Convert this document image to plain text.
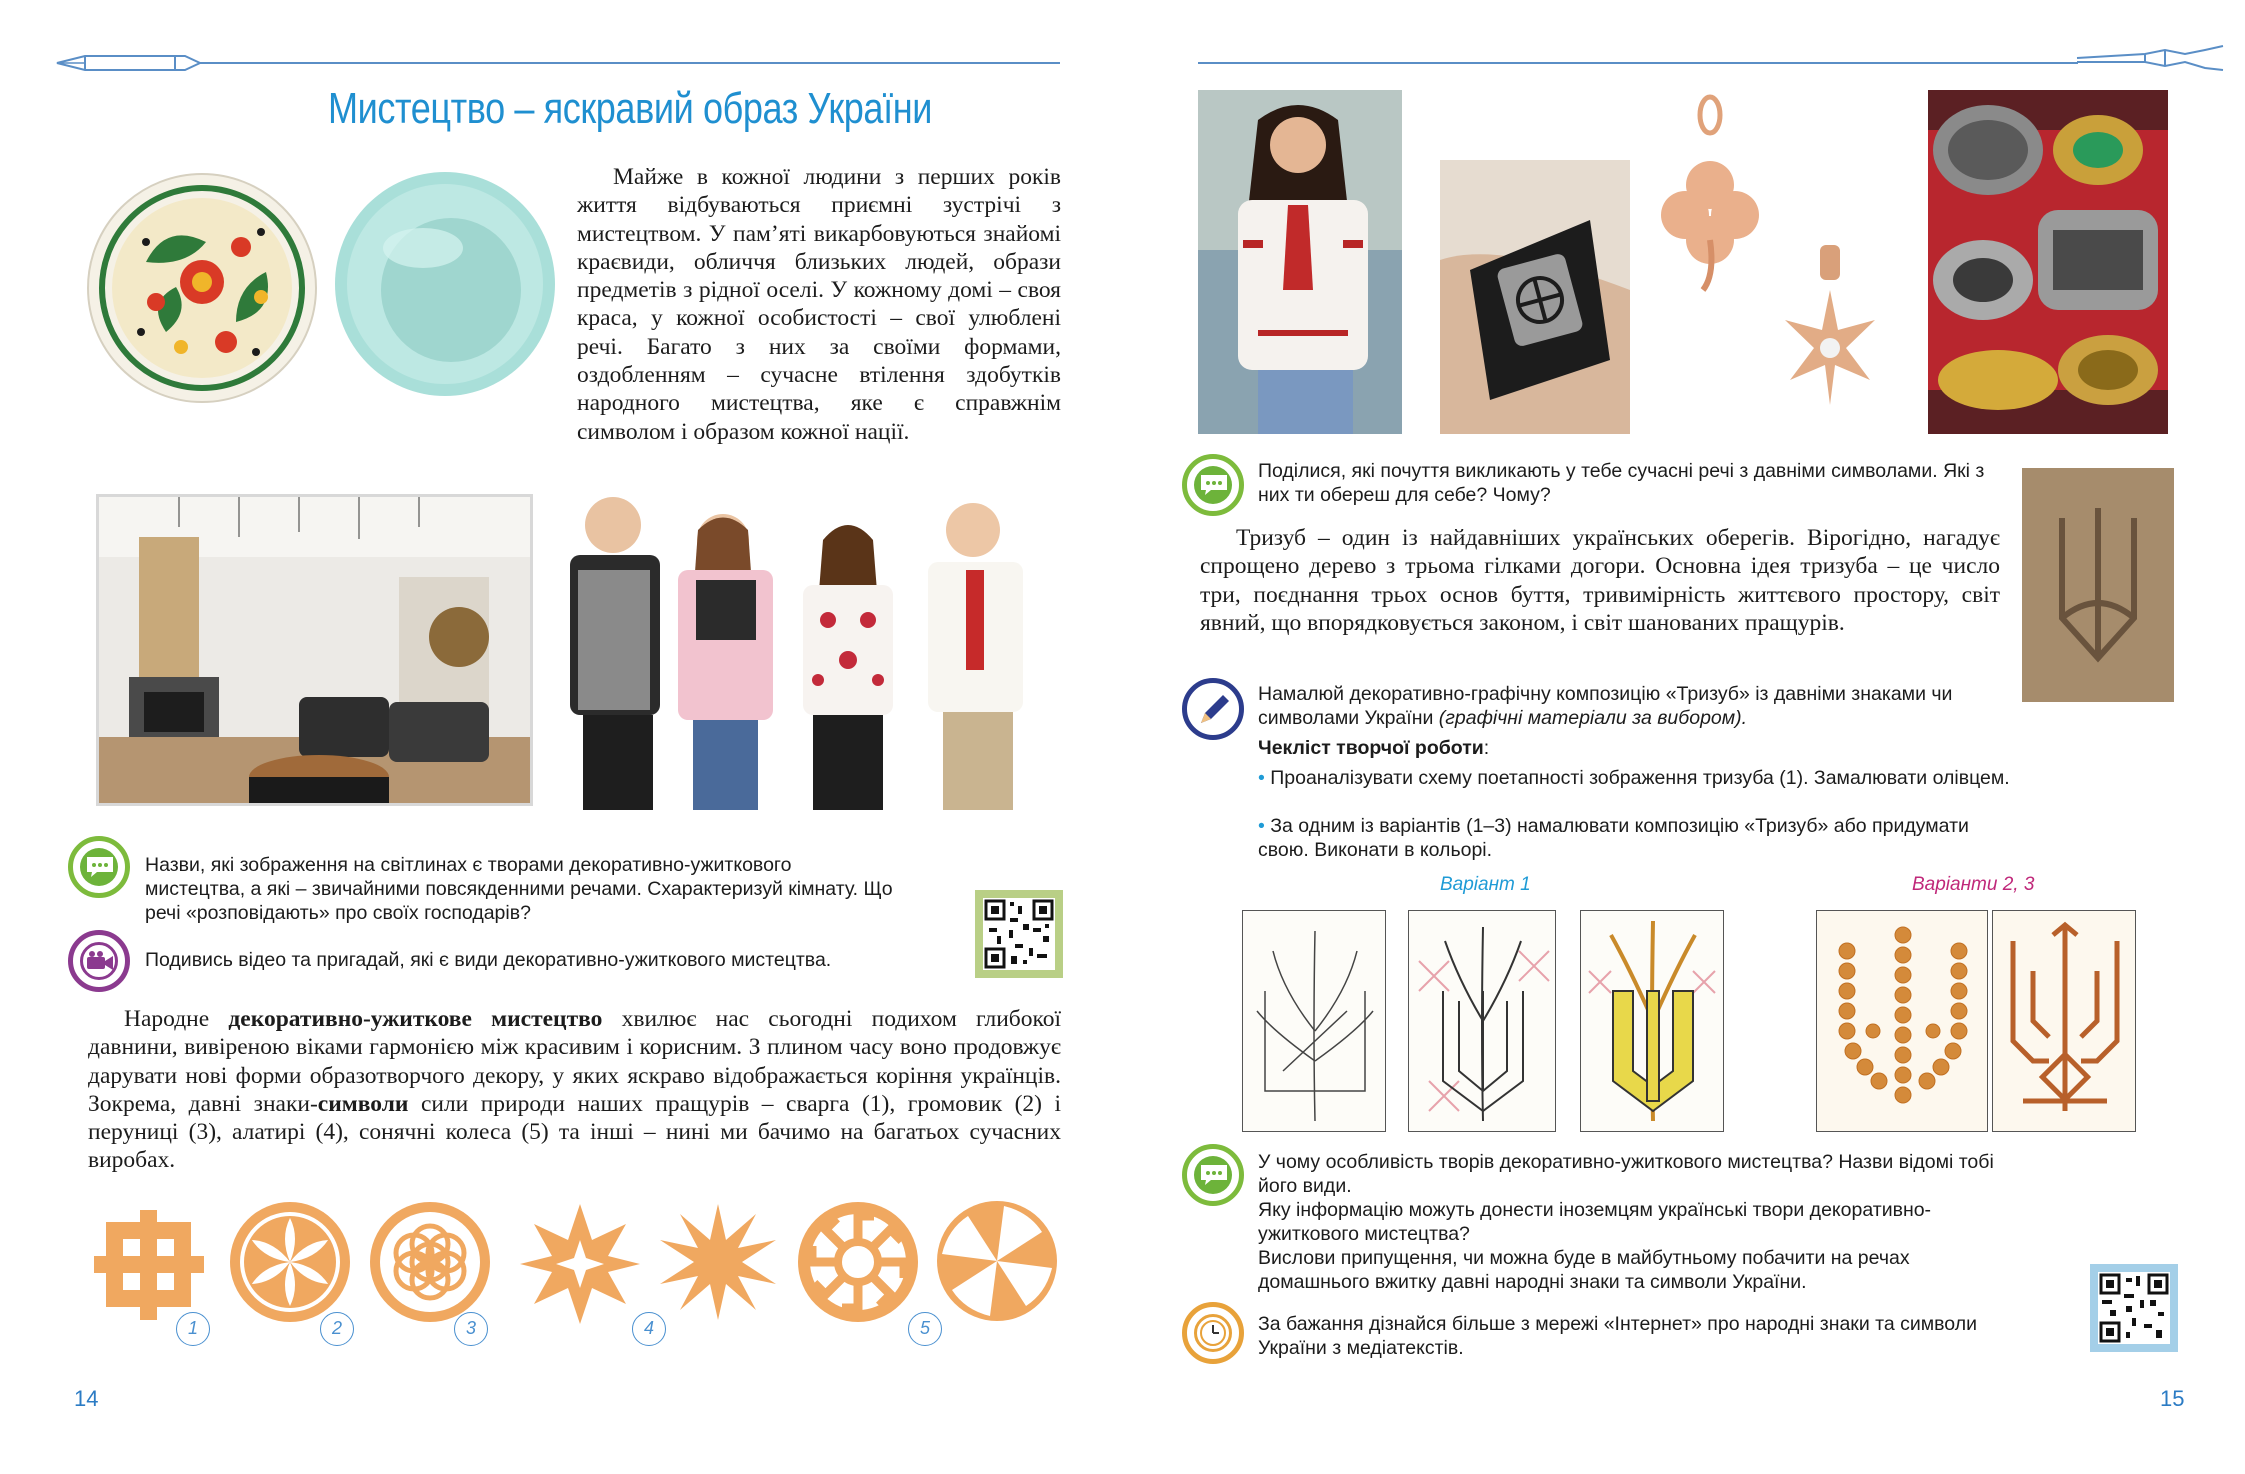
Мистецтво – яскравий образ України
Майже в кожної людини з перших років життя відбуваються приємні зустрічі з мистецтвом. У пам’яті викарбовуються знайомі краєвиди, обличчя близьких людей, образи предметів з рідної оселі. У кожному домі – своя краса, у кожної особистості – свої улюблені речі. Багато з них за своїми формами, оздобленням – сучасне втілення здобутків народного мистецтва, яке є справжнім символом і образом кожної нації.
Назви, які зображення на світлинах є творами декоративно-ужиткового мистецтва, а які – звичайними повсякденними речами. Схарактеризуй кімнату. Що речі «розповідають» про своїх господарів?
Подивись відео та пригадай, які є види декоративно-ужиткового мистецтва.
Народне декоративно-ужиткове мистецтво хвилює нас сьогодні подихом глибокої давнини, вивіреною віками гармонією між красивим і корисним. З плином часу воно продовжує дарувати нові форми образотворчого декору, у яких яскраво відображається коріння українців. Зокрема, давні знаки-символи сили природи наших пращурів – сварга (1), громовик (2) і перуниці (3), алатирі (4), сонячні колеса (5) та інші – нині ми бачимо на багатьох сучасних виробах.
1	2	3	4	5
14
Поділися, які почуття викликають у тебе сучасні речі з давніми символами. Які з них ти обереш для себе? Чому?
Тризуб – один із найдавніших українських оберегів. Вірогідно, нагадує спрощено дерево з трьома гілками догори. Основна ідея тризуба – це число три, поєднання трьох основ буття, тривимірність життєвого простору, світ явний, що впорядковується законом, і світ шанованих пращурів.
Намалюй декоративно-графічну композицію «Тризуб» із давніми знаками чи символами України (графічні матеріали за вибором).
Чекліст творчої роботи:
• Проаналізувати схему поетапності зображення тризуба (1). Замалювати олівцем.
• За одним із варіантів (1–3) намалювати композицію «Тризуб» або придумати свою. Виконати в кольорі.
Варіант 1	Варіанти 2, 3

У чому особливість творів декоративно-ужиткового мистецтва? Назви відомі тобі його види.

Яку інформацію можуть донести іноземцям українські твори декоративно-ужиткового мистецтва?

Вислови припущення, чи можна буде в майбутньому побачити на речах домашнього вжитку давні народні знаки та символи України.

За бажання дізнайся більше з мережі «Інтернет» про народні знаки та символи України з медіатекстів.
15
